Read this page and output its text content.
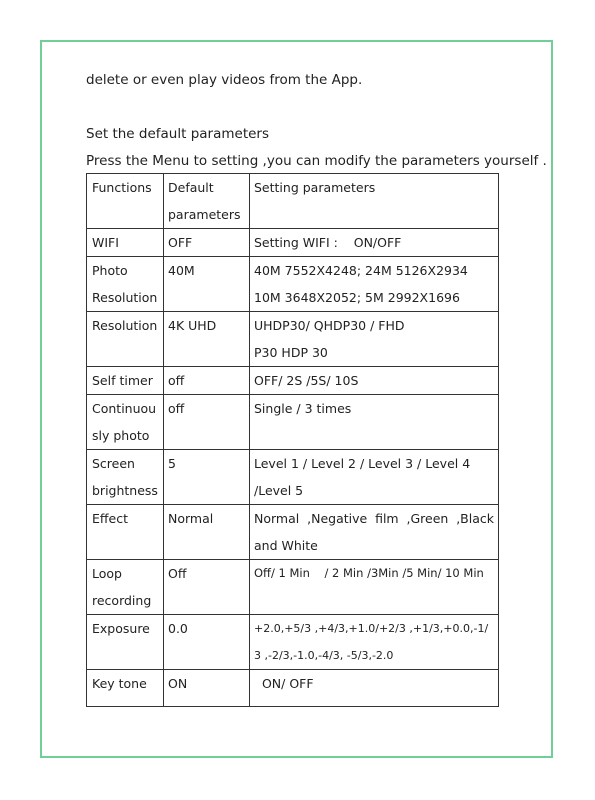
delete or even play videos from the App.
Set the default parameters
Press the Menu to setting ,you can modify the parameters yourself .
Functions	Default parameters	Setting parameters
WIFI	OFF	Setting WIFI :    ON/OFF
Photo Resolution	40M	40M 7552X4248; 24M 5126X2934 10M 3648X2052; 5M 2992X1696
Resolution	4K UHD	UHDP30/ QHDP30 / FHD P30 HDP 30
Self timer	off	OFF/ 2S /5S/ 10S
Continuously photo	off	Single / 3 times
Screen brightness	5	Level 1 / Level 2 / Level 3 / Level 4    /Level 5
Effect	Normal	Normal ,Negative film ,Green ,Black and White
Loop recording	Off	Off/ 1 Min    / 2 Min /3Min /5 Min/ 10 Min
Exposure	0.0	+2.0,+5/3 ,+4/3,+1.0/+2/3 ,+1/3,+0.0,-1/3 ,-2/3,-1.0,-4/3, -5/3,-2.0
Key tone	ON	ON/ OFF
